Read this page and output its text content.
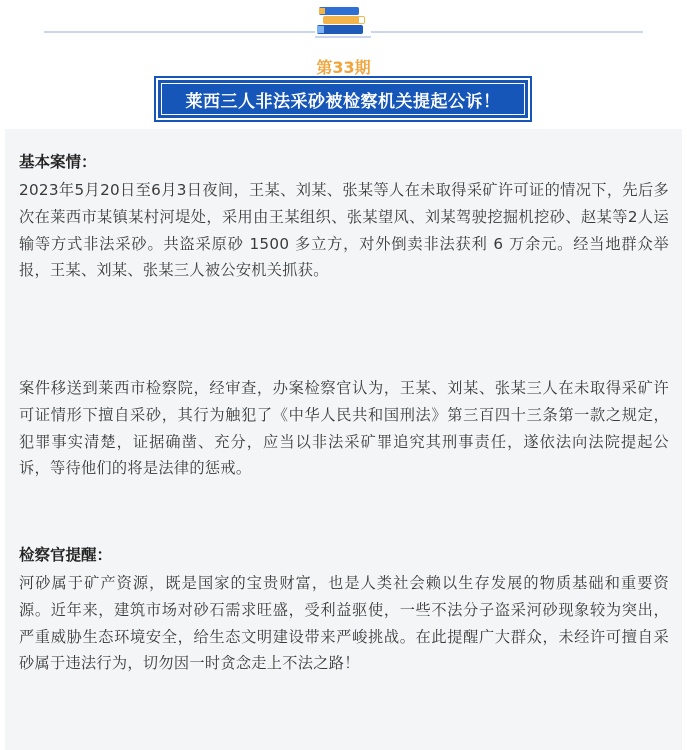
第33期
莱西三人非法采砂被检察机关提起公诉！
基本案情：

2023年5月20日至6月3日夜间，王某、刘某、张某等人在未取得采矿许可证的情况下，先后多次在莱西市某镇某村河堤处，采用由王某组织、张某望风、刘某驾驶挖掘机挖砂、赵某等2人运输等方式非法采砂。共盗采原砂 1500 多立方，对外倒卖非法获利 6 万余元。经当地群众举报，王某、刘某、张某三人被公安机关抓获。

案件移送到莱西市检察院，经审查，办案检察官认为，王某、刘某、张某三人在未取得采矿许可证情形下擅自采砂，其行为触犯了《中华人民共和国刑法》第三百四十三条第一款之规定，犯罪事实清楚，证据确凿、充分，应当以非法采矿罪追究其刑事责任，遂依法向法院提起公诉，等待他们的将是法律的惩戒。

检察官提醒：

河砂属于矿产资源，既是国家的宝贵财富，也是人类社会赖以生存发展的物质基础和重要资源。近年来，建筑市场对砂石需求旺盛，受利益驱使，一些不法分子盗采河砂现象较为突出，严重威胁生态环境安全，给生态文明建设带来严峻挑战。在此提醒广大群众，未经许可擅自采砂属于违法行为，切勿因一时贪念走上不法之路！
